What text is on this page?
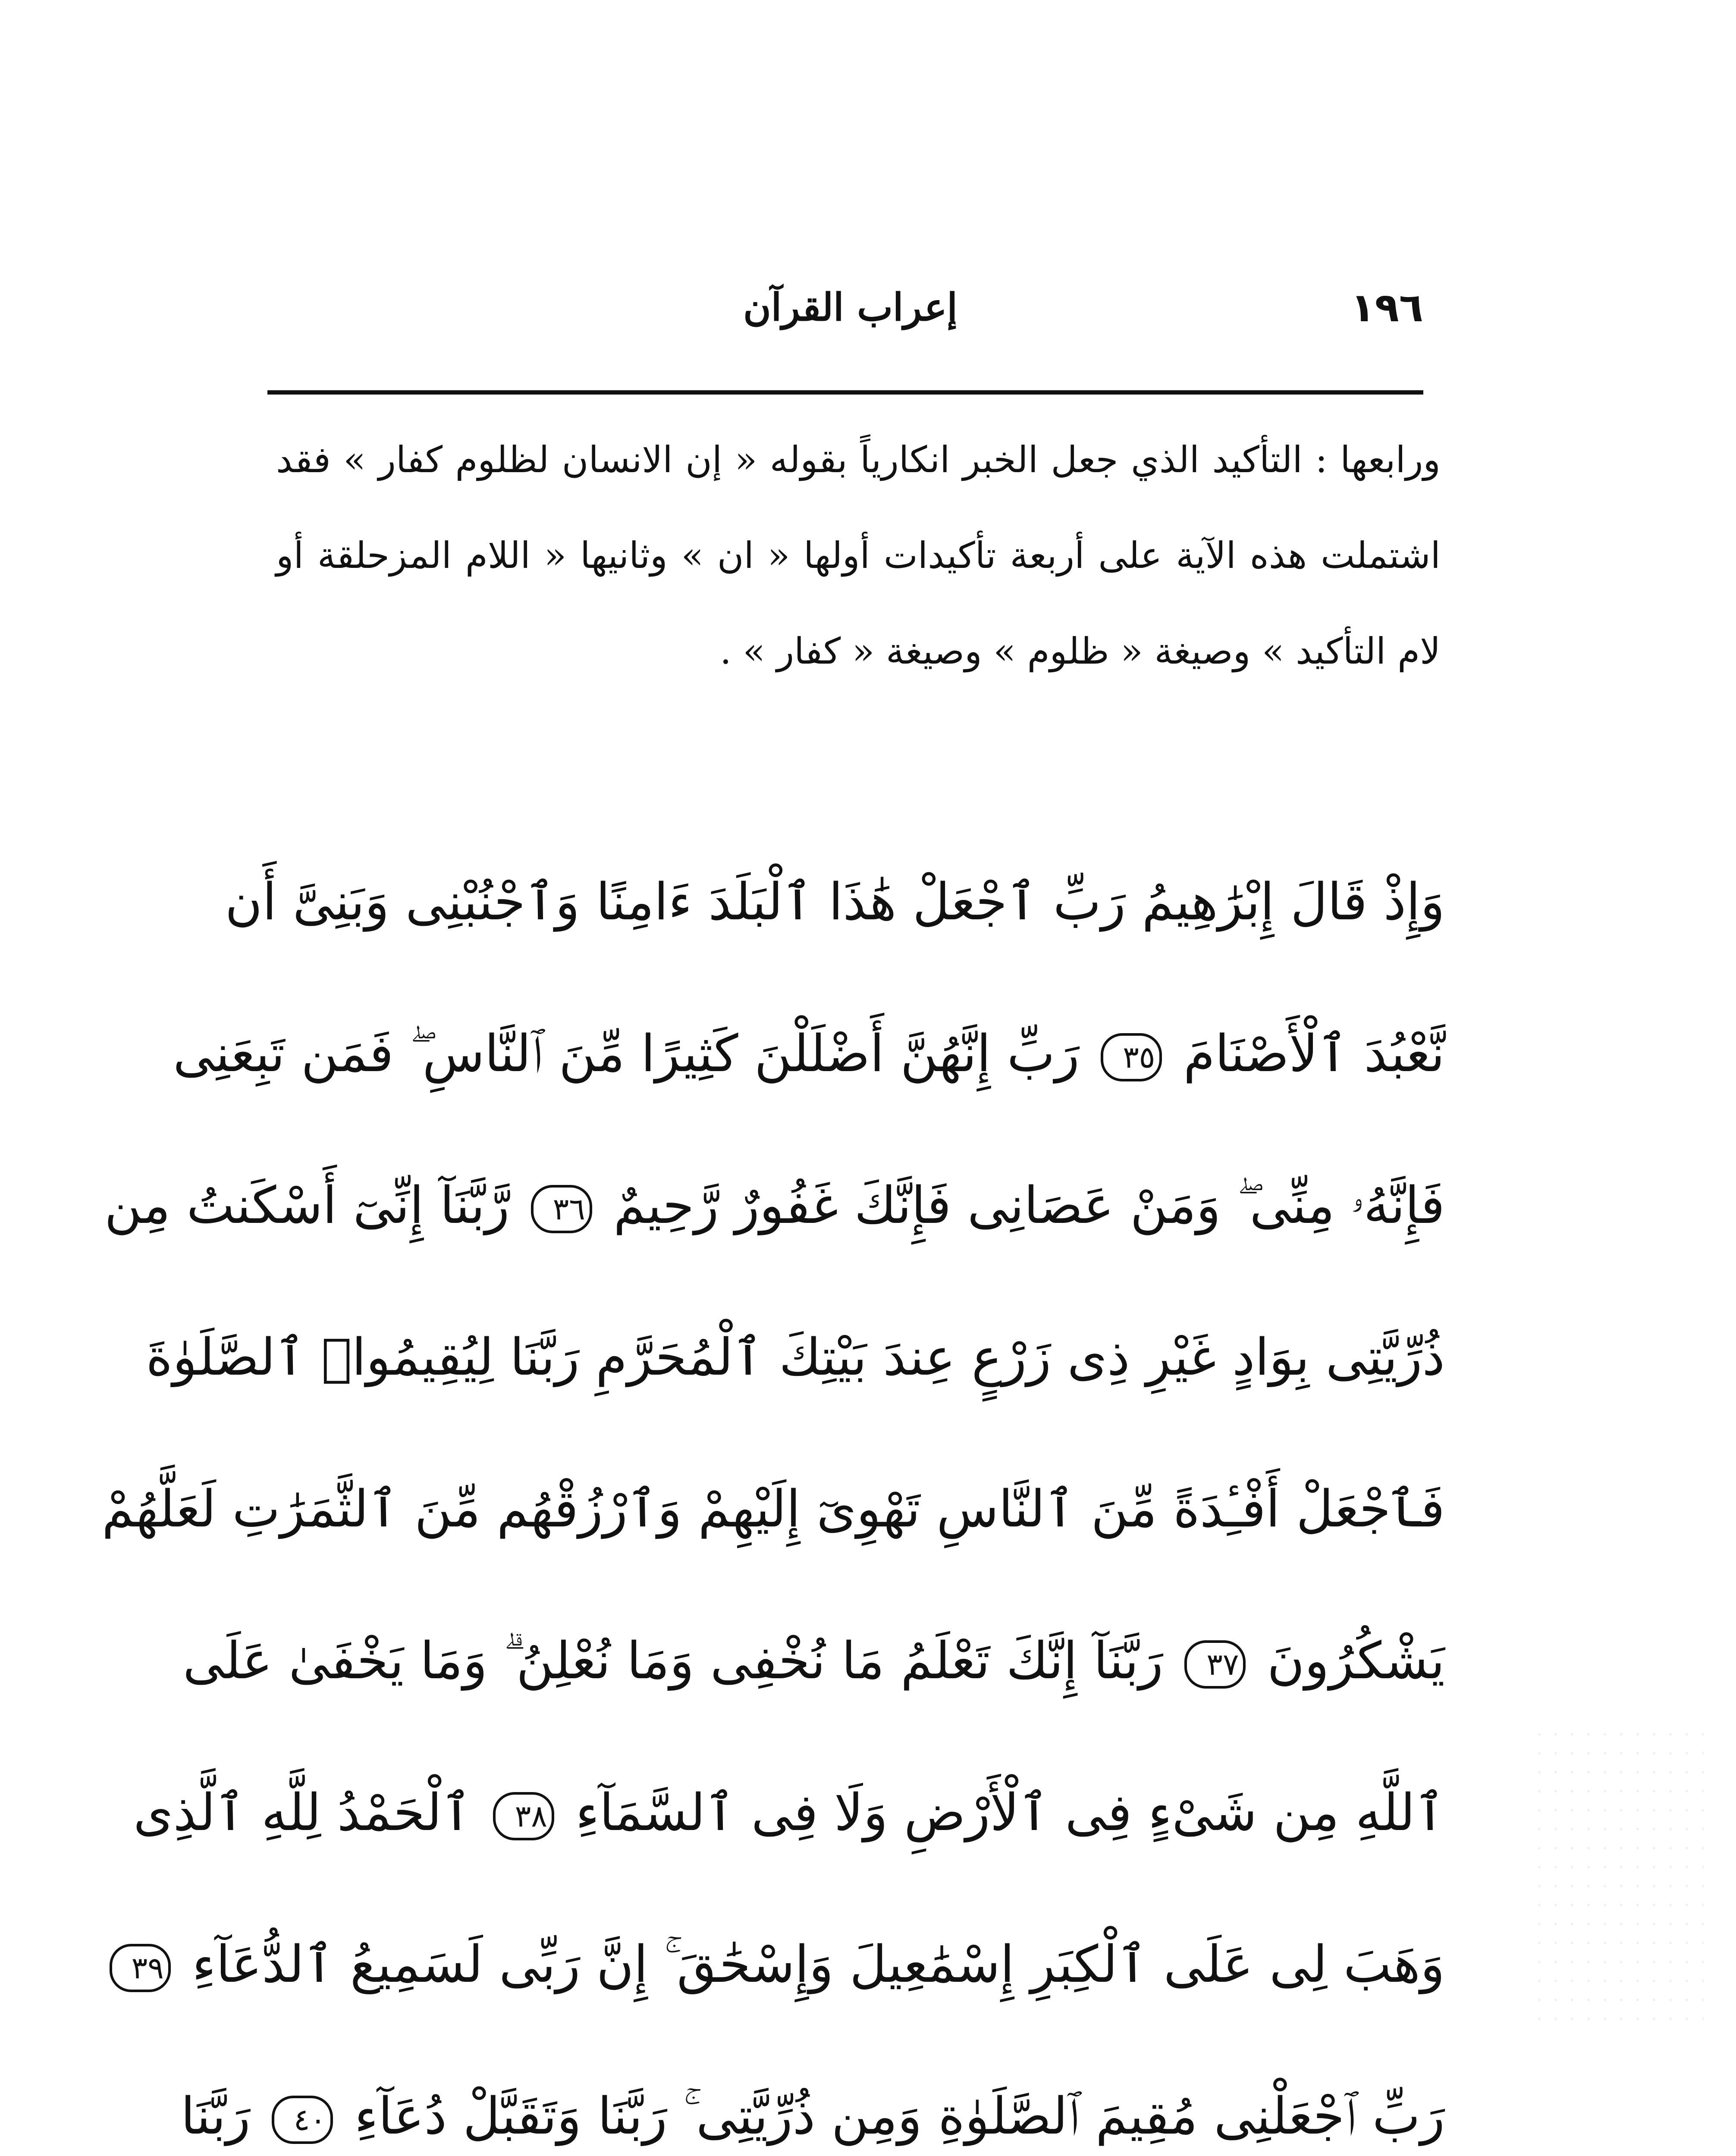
١٩٦
إعراب القرآن

ورابعها : التأكيد الذي جعل الخبر انكارياً بقوله « إن الانسان لظلوم كفار » فقد اشتملت هذه الآية على أربعة تأكيدات أولها « ان » وثانيها « اللام المزحلقة أو لام التأكيد » وصيغة « ظلوم » وصيغة « كفار » .

وَإِذْ قَالَ إِبْرَٰهِيمُ رَبِّ ٱجْعَلْ هَٰذَا ٱلْبَلَدَ ءَامِنًا وَٱجْنُبْنِى وَبَنِىَّ أَن
نَّعْبُدَ ٱلْأَصْنَامَ ٣٥ رَبِّ إِنَّهُنَّ أَضْلَلْنَ كَثِيرًا مِّنَ ٱلنَّاسِ ۖ فَمَن تَبِعَنِى
فَإِنَّهُۥ مِنِّى ۖ وَمَنْ عَصَانِى فَإِنَّكَ غَفُورٌ رَّحِيمٌ ٣٦ رَّبَّنَآ إِنِّىٓ أَسْكَنتُ مِن
ذُرِّيَّتِى بِوَادٍ غَيْرِ ذِى زَرْعٍ عِندَ بَيْتِكَ ٱلْمُحَرَّمِ رَبَّنَا لِيُقِيمُوا۟ ٱلصَّلَوٰةَ
فَٱجْعَلْ أَفْـِٔدَةً مِّنَ ٱلنَّاسِ تَهْوِىٓ إِلَيْهِمْ وَٱرْزُقْهُم مِّنَ ٱلثَّمَرَٰتِ لَعَلَّهُمْ
يَشْكُرُونَ ٣٧ رَبَّنَآ إِنَّكَ تَعْلَمُ مَا نُخْفِى وَمَا نُعْلِنُ ۗ وَمَا يَخْفَىٰ عَلَى
ٱللَّهِ مِن شَىْءٍ فِى ٱلْأَرْضِ وَلَا فِى ٱلسَّمَآءِ ٣٨ ٱلْحَمْدُ لِلَّهِ ٱلَّذِى
وَهَبَ لِى عَلَى ٱلْكِبَرِ إِسْمَٰعِيلَ وَإِسْحَٰقَ ۚ إِنَّ رَبِّى لَسَمِيعُ ٱلدُّعَآءِ ٣٩
رَبِّ ٱجْعَلْنِى مُقِيمَ ٱلصَّلَوٰةِ وَمِن ذُرِّيَّتِى ۚ رَبَّنَا وَتَقَبَّلْ دُعَآءِ ٤٠ رَبَّنَا
